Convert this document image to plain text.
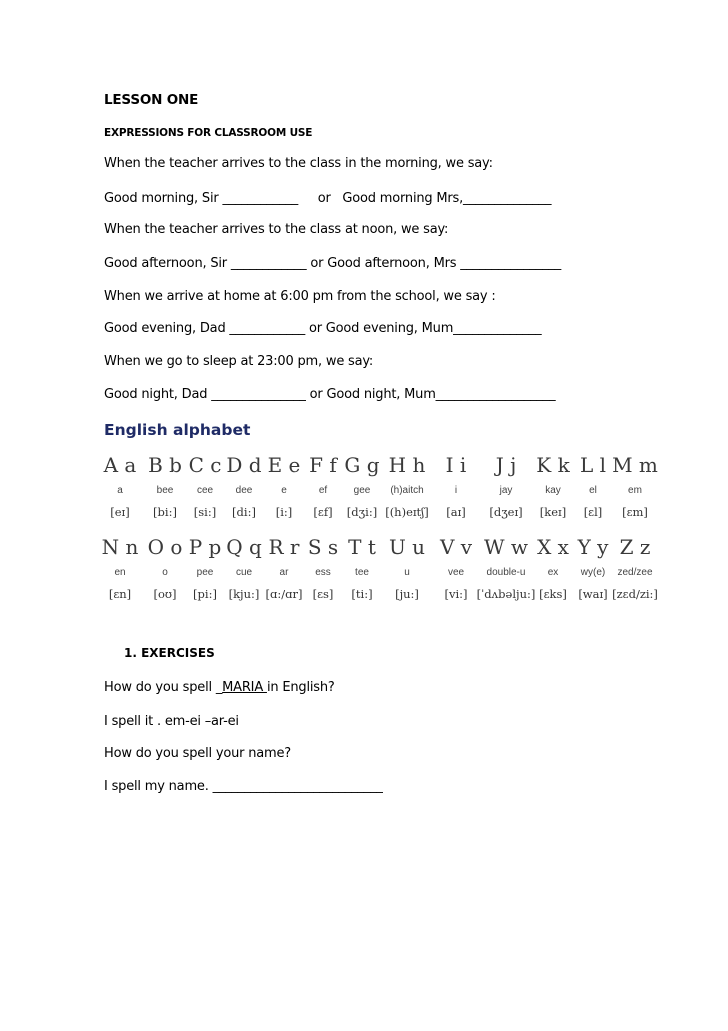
LESSON ONE
EXPRESSIONS FOR CLASSROOM USE
When the teacher arrives to the class in the morning, we say:
Good morning, Sir ____________     or   Good morning Mrs,______________
When the teacher arrives to the class at noon, we say:
Good afternoon, Sir ____________ or Good afternoon, Mrs ________________
When we arrive at home at 6:00 pm from the school, we say :
Good evening, Dad ____________ or Good evening, Mum______________
When we go to sleep at 23:00 pm, we say:
Good night, Dad _______________ or Good night, Mum___________________
English alphabet
A a
a
[eɪ]
B b
bee
[bi:]
C c
cee
[si:]
D d
dee
[di:]
E e
e
[i:]
F f
ef
[ɛf]
G g
gee
[dʒi:]
H h
(h)aitch
[(h)eɪtʃ]
I i
i
[aɪ]
J j
jay
[dʒeɪ]
K k
kay
[keɪ]
L l
el
[ɛl]
M m
em
[ɛm]
N n
en
[ɛn]
O o
o
[oʊ]
P p
pee
[pi:]
Q q
cue
[kju:]
R r
ar
[ɑ:/ɑr]
S s
ess
[ɛs]
T t
tee
[ti:]
U u
u
[ju:]
V v
vee
[vi:]
W w
double-u
[ˈdʌbəlju:]
X x
ex
[ɛks]
Y y
wy(e)
[waɪ]
Z z
zed/zee
[zɛd/zi:]
1. EXERCISES
How do you spell _MARIA in English?
I spell it . em-ei –ar-ei
How do you spell your name?
I spell my name. ___________________________
